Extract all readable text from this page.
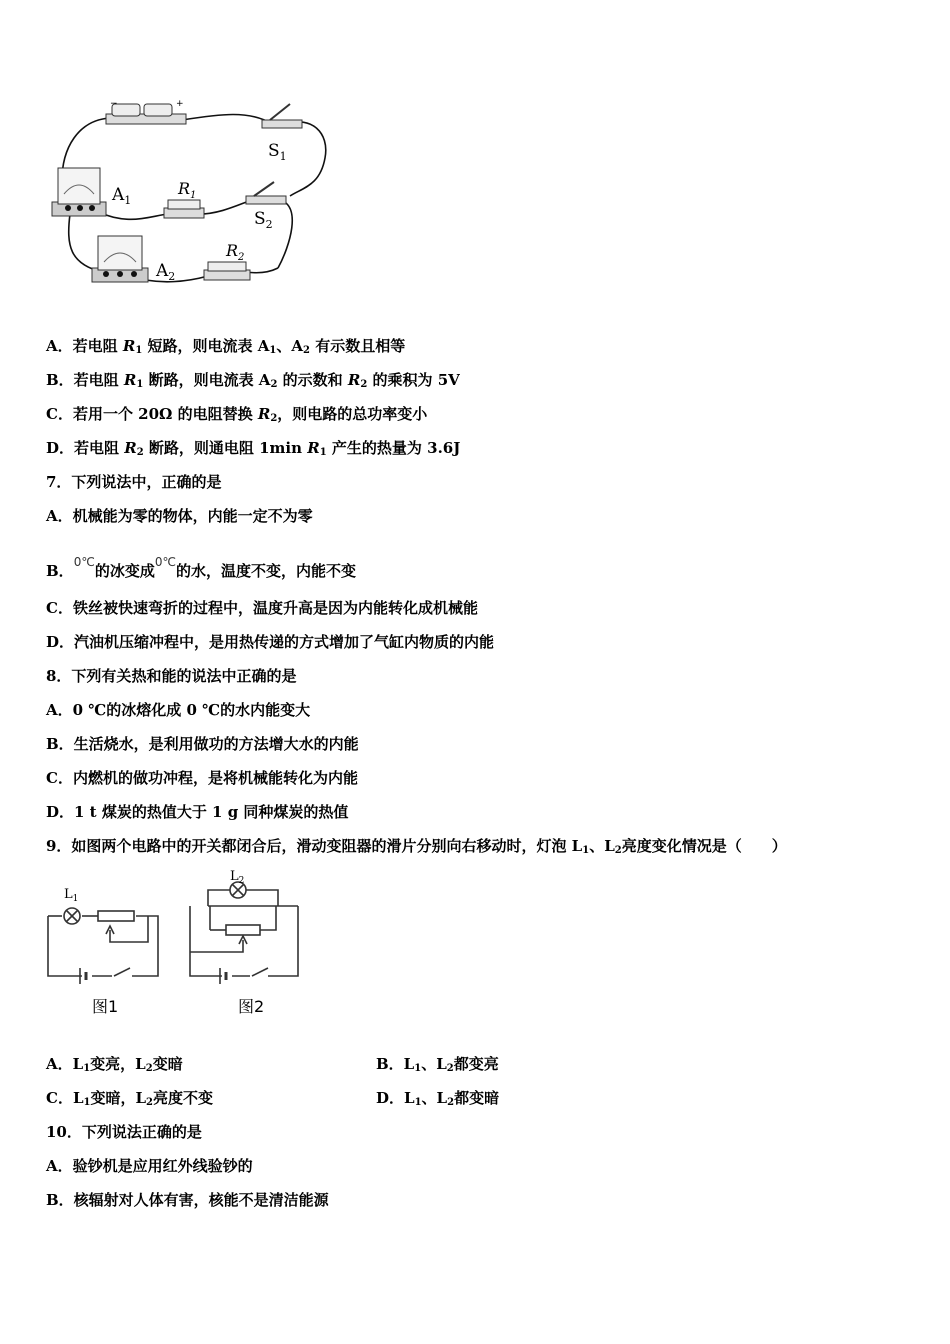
−	+
$S_1$
$A_1$
$R_1$
$S_2$
$A_2$
$R_2$
A．若电阻 $R_1$ 短路，则电流表 $A_1$、$A_2$ 有示数且相等
B．若电阻 $R_1$ 断路，则电流表 $A_2$ 的示数和 $R_2$ 的乘积为 5V
C．若用一个 20Ω 的电阻替换 $R_2$，则电路的总功率变小
D．若电阻 $R_2$ 断路，则通电阻 1min $R_1$ 产生的热量为 3.6J
7．下列说法中，正确的是
A．机械能为零的物体，内能一定不为零
B．$^{0℃}$的冰变成$^{0℃}$的水，温度不变，内能不变
C．铁丝被快速弯折的过程中，温度升高是因为内能转化成机械能
D．汽油机压缩冲程中，是用热传递的方式增加了气缸内物质的内能
8．下列有关热和能的说法中正确的是
A．0 ℃的冰熔化成 0 ℃的水内能变大
B．生活烧水，是利用做功的方法增大水的内能
C．内燃机的做功冲程，是将机械能转化为内能
D．1 t 煤炭的热值大于 1 g 同种煤炭的热值
9．如图两个电路中的开关都闭合后，滑动变阻器的滑片分别向右移动时，灯泡 $L_1$、$L_2$亮度变化情况是（　　）
$L_1$
$L_2$
图1	图2
A．$L_1$变亮，$L_2$变暗	B．$L_1$、$L_2$都变亮
C．$L_1$变暗，$L_2$亮度不变	D．$L_1$、$L_2$都变暗
10．下列说法正确的是
A．验钞机是应用红外线验钞的
B．核辐射对人体有害，核能不是清洁能源
